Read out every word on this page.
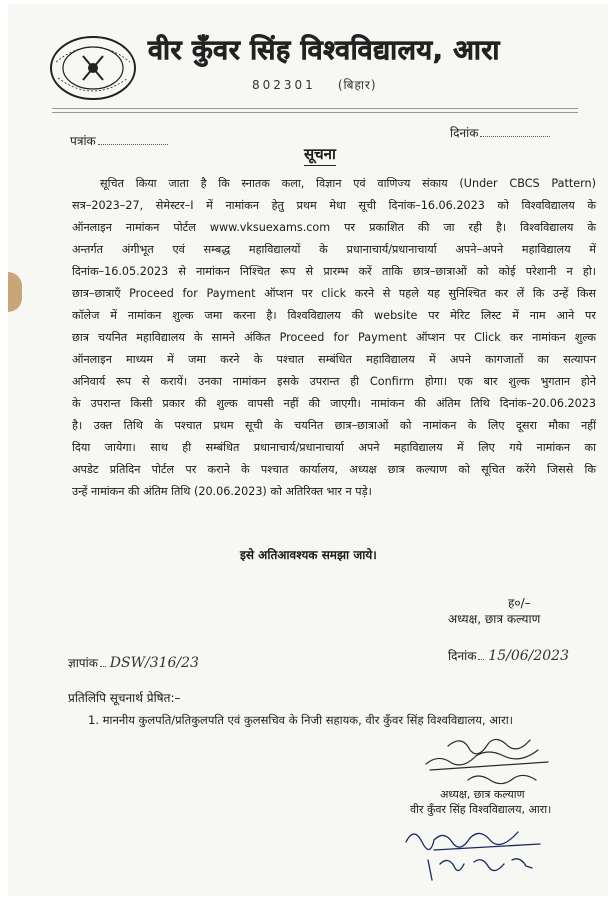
वीर कुँवर सिंह विश्वविद्यालय, आरा
802301 (बिहार)
पत्रांक
दिनांक
सूचना
सूचित किया जाता है कि स्नातक कला, विज्ञान एवं वाणिज्य संकाय (Under CBCS Pattern)
सत्र–2023–27, सेमेस्टर–I में नामांकन हेतु प्रथम मेधा सूची दिनांक–16.06.2023 को विश्वविद्यालय के
ऑनलाइन नामांकन पोर्टल www.vksuexams.com पर प्रकाशित की जा रही है। विश्वविद्यालय के
अन्तर्गत अंगीभूत एवं सम्बद्ध महाविद्यालयों के प्रधानाचार्य/प्रधानाचार्या अपने–अपने महाविद्यालय में
दिनांक–16.05.2023 से नामांकन निश्चित रूप से प्रारम्भ करें ताकि छात्र–छात्राओं को कोई परेशानी न हो।
छात्र–छात्राएँ Proceed for Payment ऑप्शन पर click करने से पहले यह सुनिश्चित कर लें कि उन्हें किस
कॉलेज में नामांकन शुल्क जमा करना है। विश्वविद्यालय की website पर मेरिट लिस्ट में नाम आने पर
छात्र चयनित महाविद्यालय के सामने अंकित Proceed for Payment ऑप्शन पर Click कर नामांकन शुल्क
ऑनलाइन माध्यम में जमा करने के पश्चात सम्बंधित महाविद्यालय में अपने कागजातों का सत्यापन
अनिवार्य रूप से करायें। उनका नामांकन इसके उपरान्त ही Confirm होगा। एक बार शुल्क भुगतान होने
के उपरान्त किसी प्रकार की शुल्क वापसी नहीं की जाएगी। नामांकन की अंतिम तिथि दिनांक–20.06.2023
है। उक्त तिथि के पश्चात प्रथम सूची के चयनित छात्र–छात्राओं को नामांकन के लिए दूसरा मौका नहीं
दिया जायेगा। साथ ही सम्बंधित प्रधानाचार्य/प्रधानाचार्या अपने महाविद्यालय में लिए गये नामांकन का
अपडेट प्रतिदिन पोर्टल पर कराने के पश्चात कार्यालय, अध्यक्ष छात्र कल्याण को सूचित करेंगे जिससे कि
उन्हें नामांकन की अंतिम तिथि (20.06.2023) को अतिरिक्त भार न पड़े।
इसे अतिआवश्यक समझा जाये।
ह०/–
अध्यक्ष, छात्र कल्याण
ज्ञापांक DSW/316/23	दिनांक 15/06/2023
प्रतिलिपि सूचनार्थ प्रेषित:–
1. माननीय कुलपति/प्रतिकुलपति एवं कुलसचिव के निजी सहायक, वीर कुँवर सिंह विश्वविद्यालय, आरा।
अध्यक्ष, छात्र कल्याण
वीर कुँवर सिंह विश्वविद्यालय, आरा।
